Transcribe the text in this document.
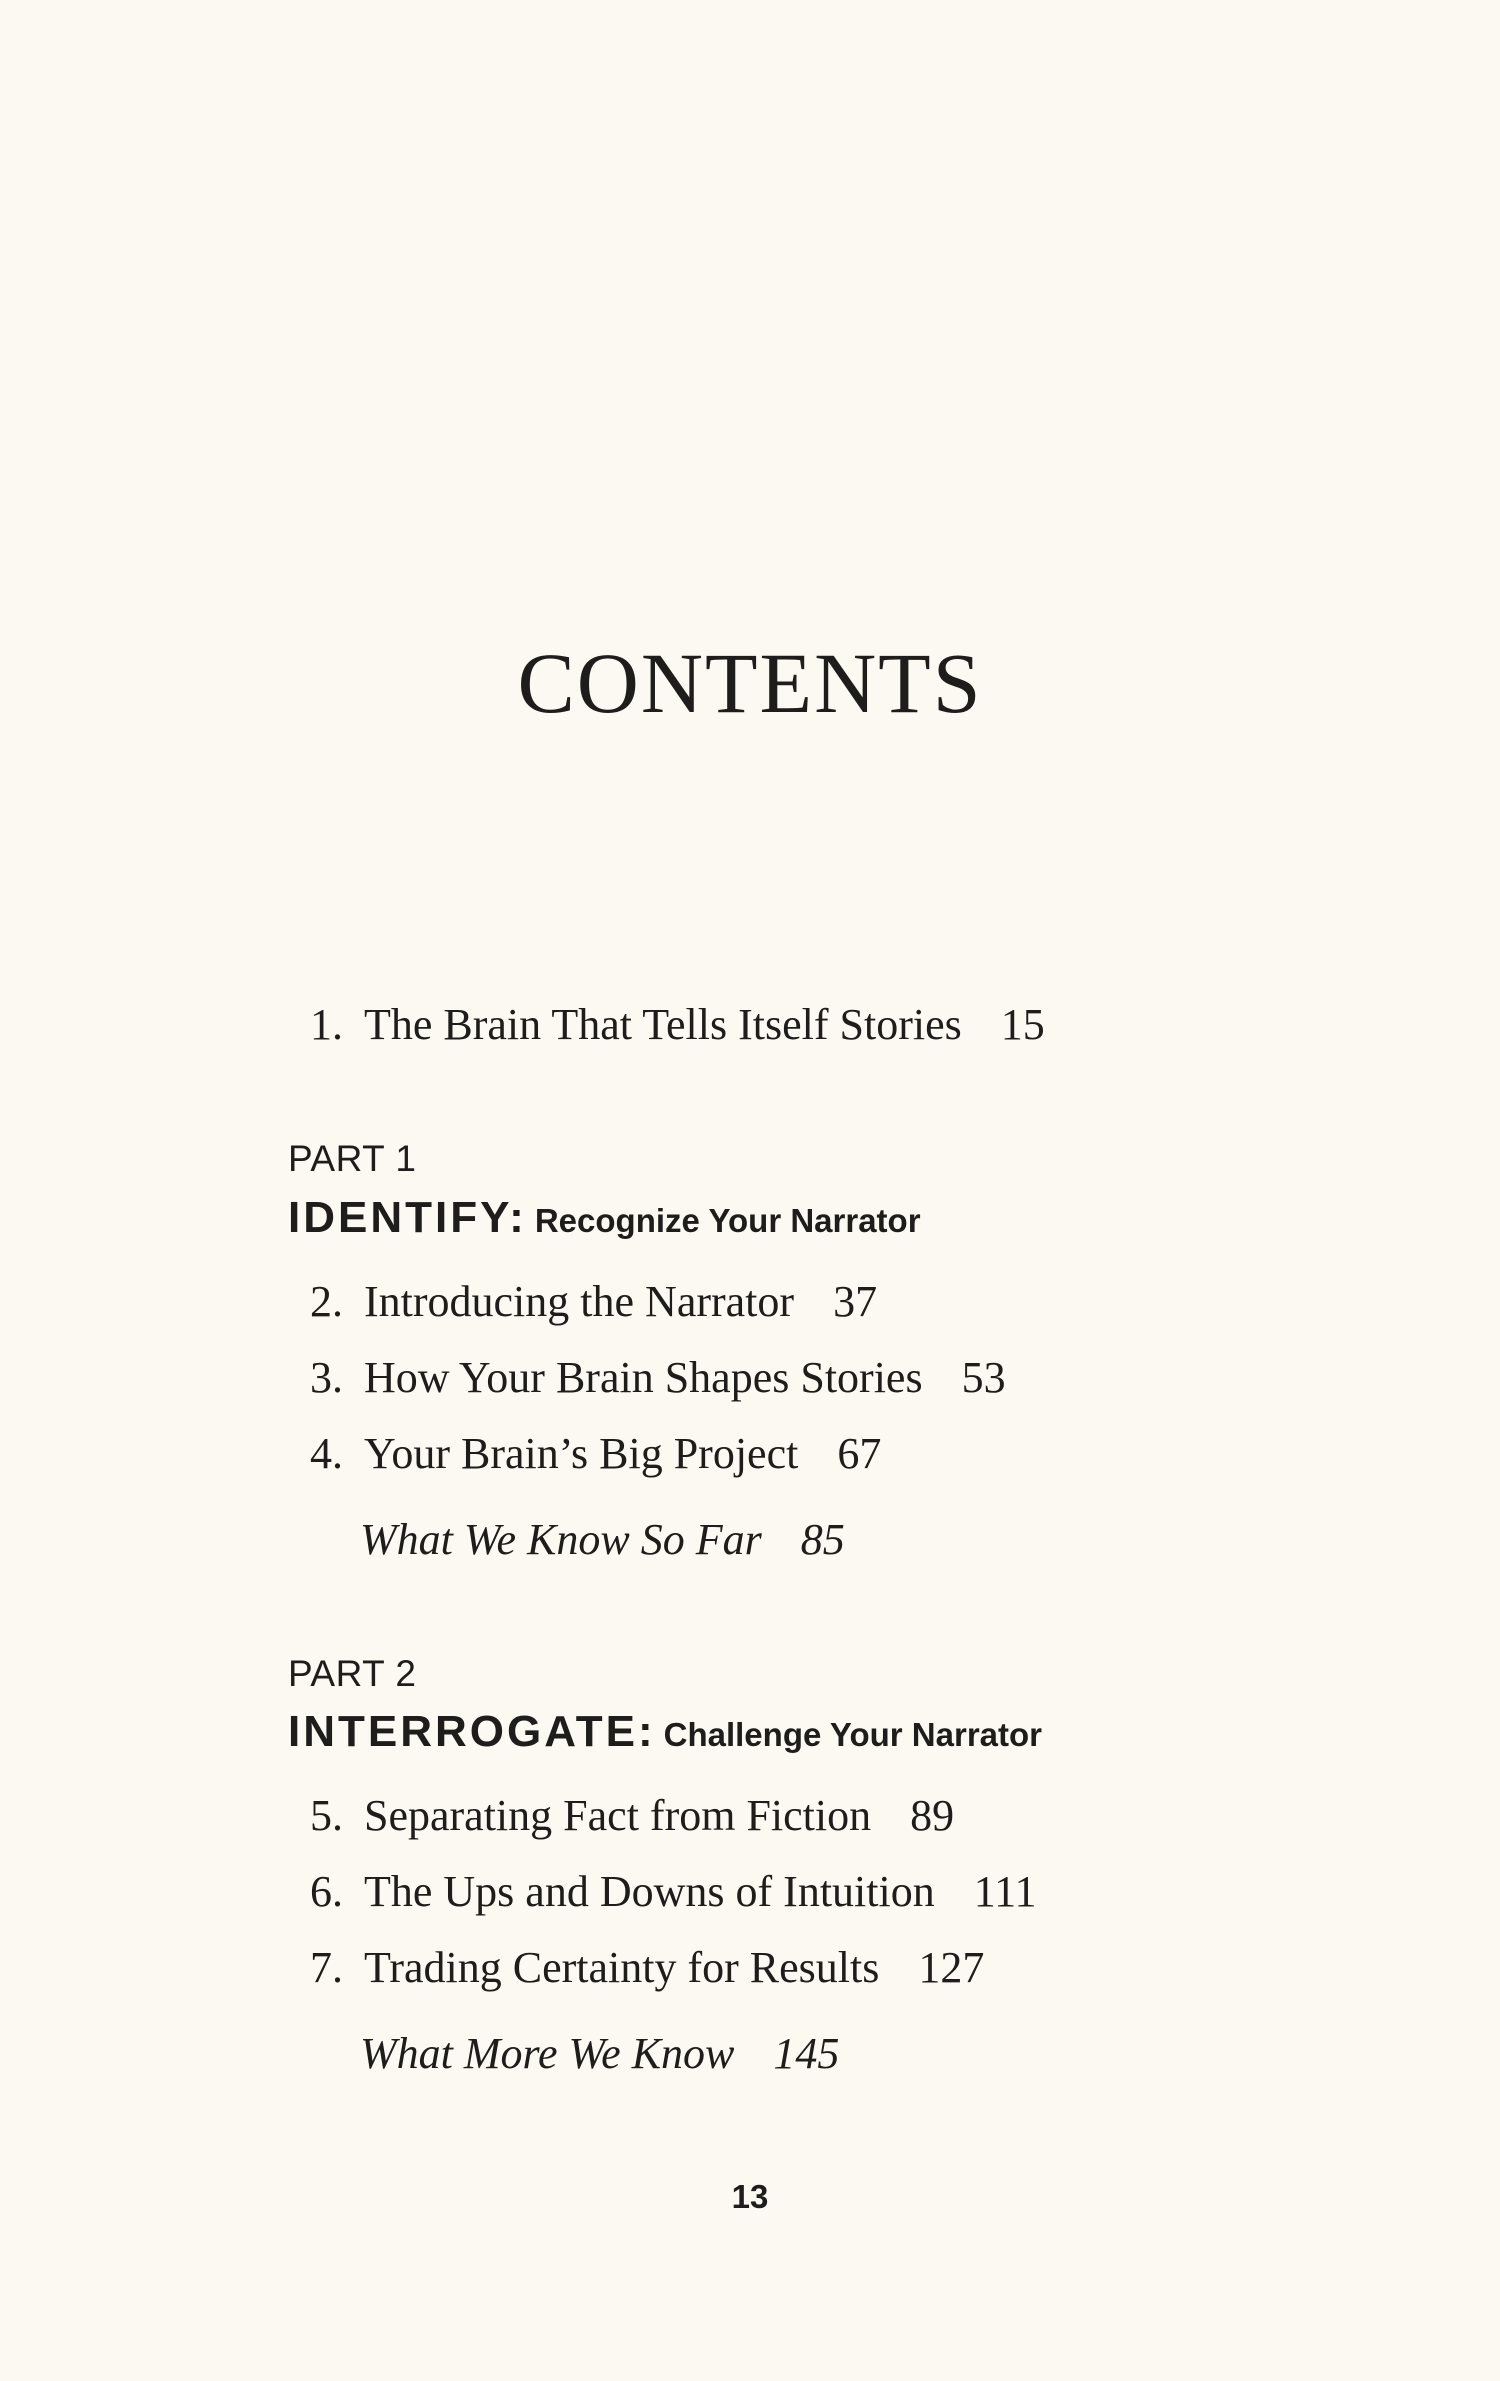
CONTENTS
1. The Brain That Tells Itself Stories 15
PART 1
IDENTIFY: Recognize Your Narrator
2. Introducing the Narrator 37
3. How Your Brain Shapes Stories 53
4. Your Brain’s Big Project 67
What We Know So Far 85
PART 2
INTERROGATE: Challenge Your Narrator
5. Separating Fact from Fiction 89
6. The Ups and Downs of Intuition 111
7. Trading Certainty for Results 127
What More We Know 145
13
